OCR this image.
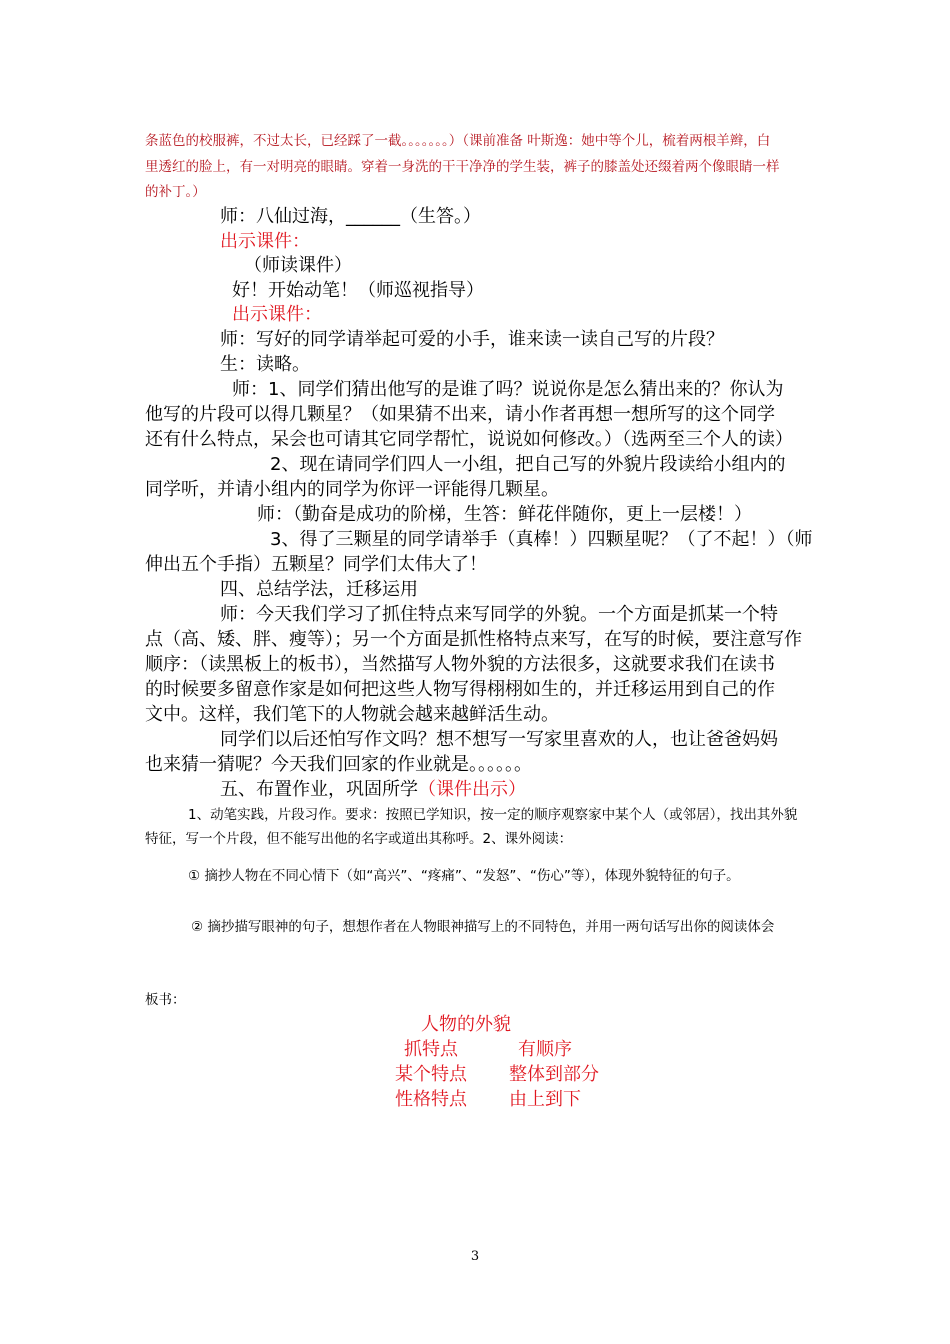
条蓝色的校服裤，不过太长，已经踩了一截。。。。。。。）（课前准备 叶斯逸：她中等个儿，梳着两根羊辫，白
里透红的脸上，有一对明亮的眼睛。穿着一身洗的干干净净的学生装，裤子的膝盖处还缀着两个像眼睛一样
的补丁。）
师：八仙过海，______（生答。）
出示课件：
（师读课件）
好！开始动笔！（师巡视指导）
出示课件：
师：写好的同学请举起可爱的小手，谁来读一读自己写的片段？
生：读略。
师：1、同学们猜出他写的是谁了吗？说说你是怎么猜出来的？你认为
他写的片段可以得几颗星？（如果猜不出来，请小作者再想一想所写的这个同学
还有什么特点，呆会也可请其它同学帮忙，说说如何修改。）（选两至三个人的读）
2、现在请同学们四人一小组，把自己写的外貌片段读给小组内的
同学听，并请小组内的同学为你评一评能得几颗星。
师：（勤奋是成功的阶梯，生答：鲜花伴随你，更上一层楼！）
3、得了三颗星的同学请举手（真棒！）四颗星呢？（了不起！）（师
伸出五个手指）五颗星？同学们太伟大了！
四、总结学法，迁移运用
师：今天我们学习了抓住特点来写同学的外貌。一个方面是抓某一个特
点（高、矮、胖、瘦等）；另一个方面是抓性格特点来写，在写的时候，要注意写作
顺序：（读黑板上的板书），当然描写人物外貌的方法很多，这就要求我们在读书
的时候要多留意作家是如何把这些人物写得栩栩如生的，并迁移运用到自己的作
文中。这样，我们笔下的人物就会越来越鲜活生动。
同学们以后还怕写作文吗？想不想写一写家里喜欢的人，也让爸爸妈妈
也来猜一猜呢？今天我们回家的作业就是。。。。。。
五、布置作业，巩固所学（课件出示）
1、动笔实践，片段习作。要求：按照已学知识，按一定的顺序观察家中某个人（或邻居），找出其外貌
特征，写一个片段，但不能写出他的名字或道出其称呼。2、课外阅读：
① 摘抄人物在不同心情下（如“高兴”、“疼痛”、“发怒”、“伤心”等），体现外貌特征的句子。
② 摘抄描写眼神的句子，想想作者在人物眼神描写上的不同特色，并用一两句话写出你的阅读体会
板书：
人物的外貌
抓特点	有顺序
某个特点 整体到部分
性格特点 由上到下
3
